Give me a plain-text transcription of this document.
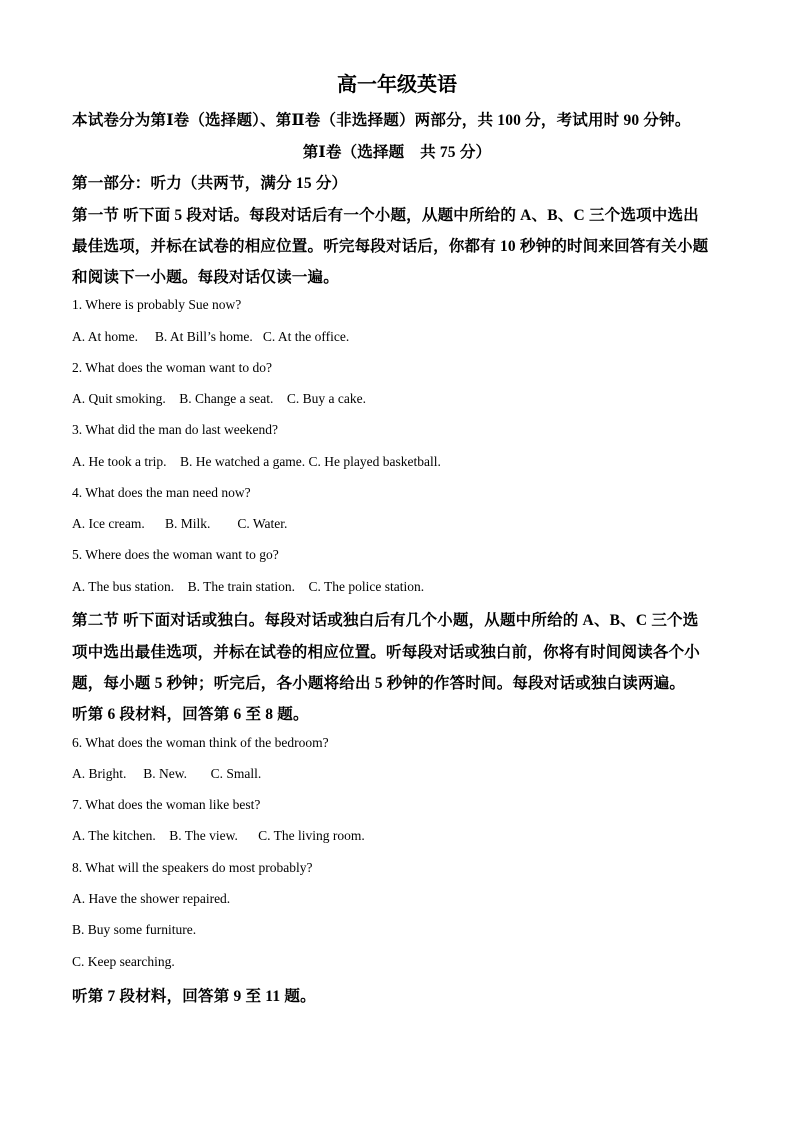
高一年级英语
本试卷分为第Ⅰ卷（选择题）、第Ⅱ卷（非选择题）两部分，共 100 分，考试用时 90 分钟。
第Ⅰ卷（选择题　共 75 分）
第一部分：听力（共两节，满分 15 分）
第一节 听下面 5 段对话。每段对话后有一个小题，从题中所给的 A、B、C 三个选项中选出
最佳选项，并标在试卷的相应位置。听完每段对话后，你都有 10 秒钟的时间来回答有关小题
和阅读下一小题。每段对话仅读一遍。
1. Where is probably Sue now?
A. At home.     B. At Bill’s home.   C. At the office.
2. What does the woman want to do?
A. Quit smoking.    B. Change a seat.    C. Buy a cake.
3. What did the man do last weekend?
A. He took a trip.    B. He watched a game. C. He played basketball.
4. What does the man need now?
A. Ice cream.      B. Milk.        C. Water.
5. Where does the woman want to go?
A. The bus station.    B. The train station.    C. The police station.
第二节 听下面对话或独白。每段对话或独白后有几个小题，从题中所给的 A、B、C 三个选
项中选出最佳选项，并标在试卷的相应位置。听每段对话或独白前，你将有时间阅读各个小
题，每小题 5 秒钟；听完后，各小题将给出 5 秒钟的作答时间。每段对话或独白读两遍。
听第 6 段材料，回答第 6 至 8 题。
6. What does the woman think of the bedroom?
A. Bright.     B. New.       C. Small.
7. What does the woman like best?
A. The kitchen.    B. The view.      C. The living room.
8. What will the speakers do most probably?
A. Have the shower repaired.
B. Buy some furniture.
C. Keep searching.
听第 7 段材料，回答第 9 至 11 题。
